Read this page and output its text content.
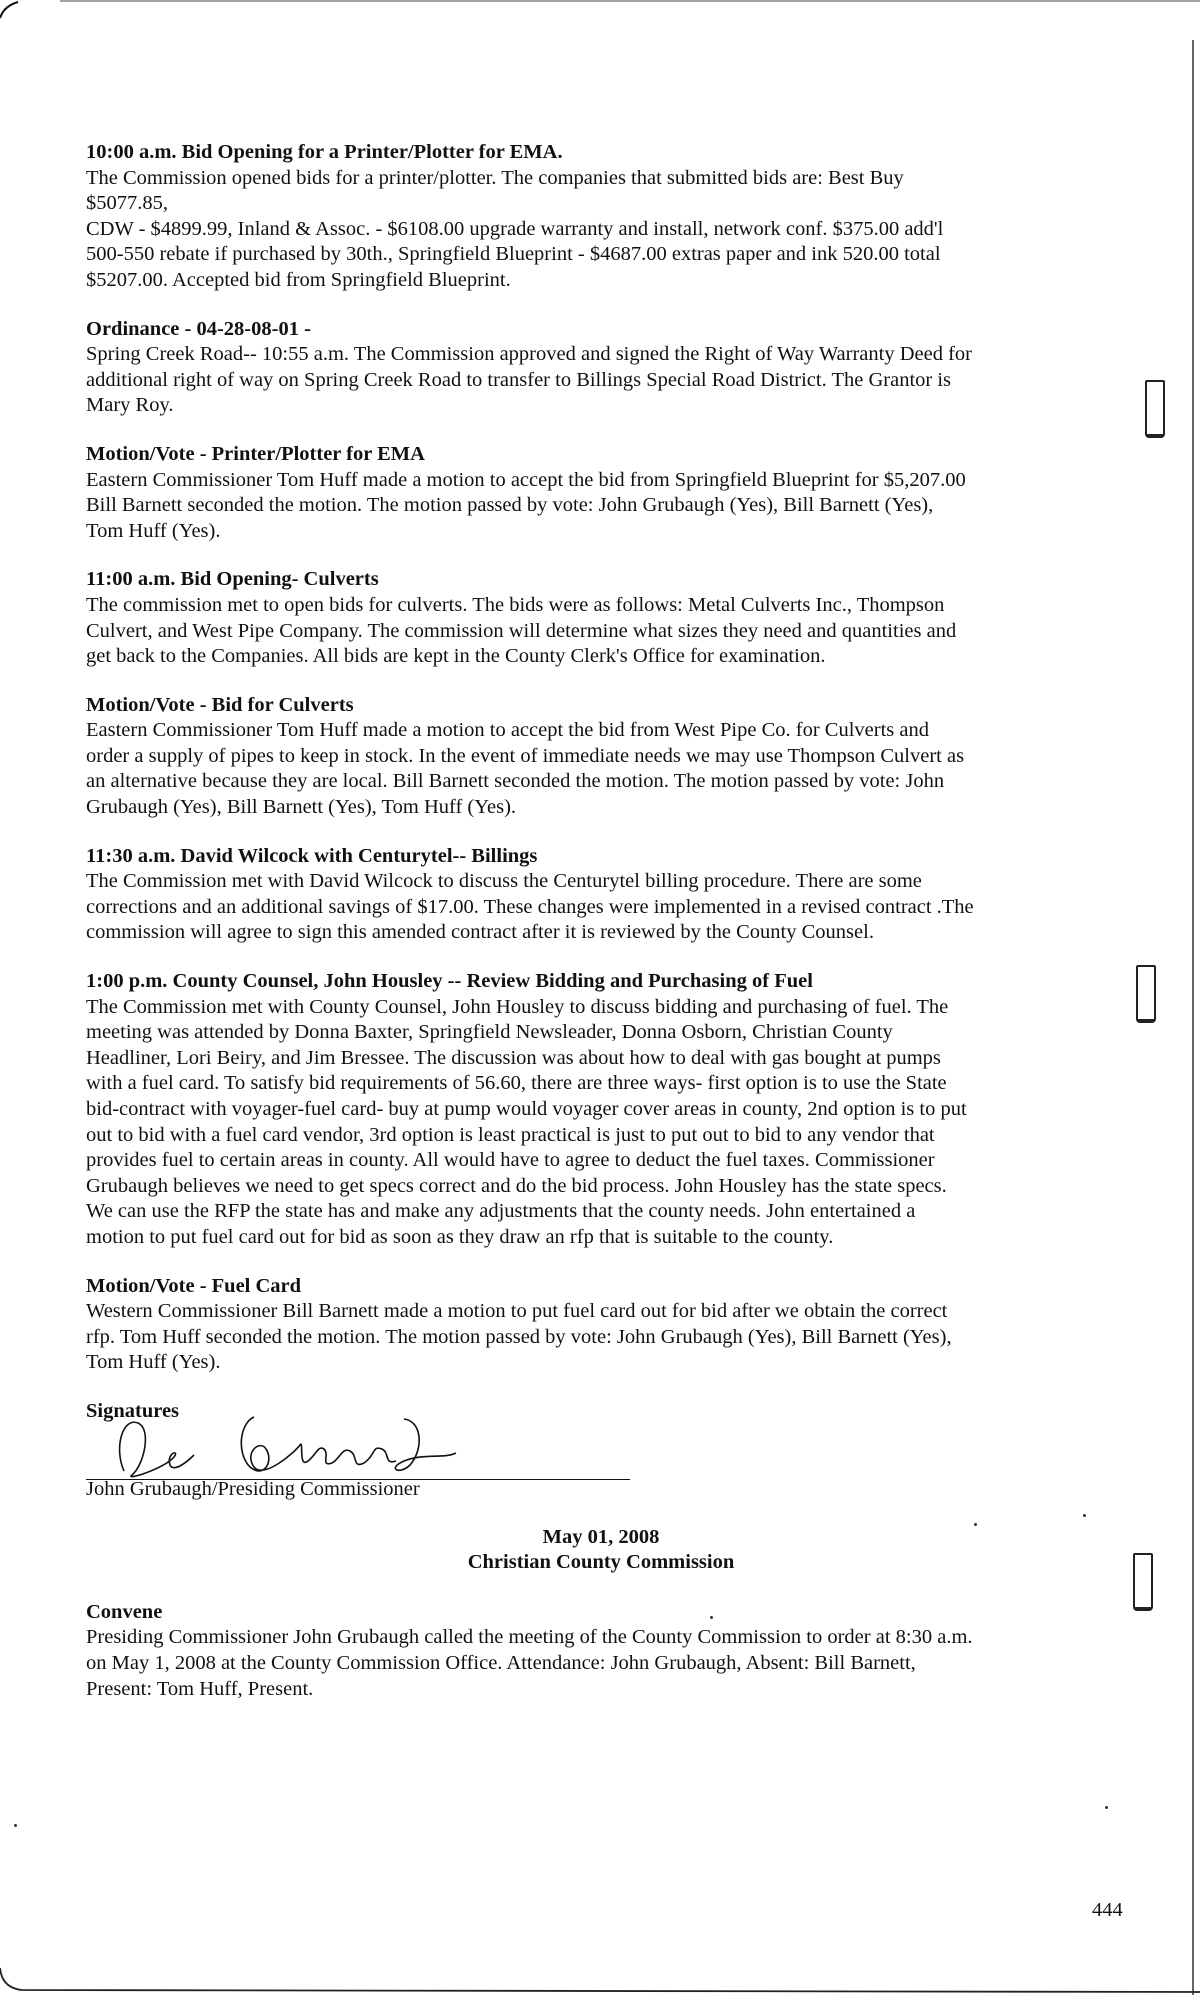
10:00 a.m. Bid Opening for a Printer/Plotter for EMA.
The Commission opened bids for a printer/plotter. The companies that submitted bids are: Best Buy
$5077.85,
CDW - $4899.99, Inland & Assoc. - $6108.00 upgrade warranty and install, network conf. $375.00 add'l
500-550 rebate if purchased by 30th., Springfield Blueprint - $4687.00 extras paper and ink 520.00 total
$5207.00. Accepted bid from Springfield Blueprint.
Ordinance - 04-28-08-01 -
Spring Creek Road-- 10:55 a.m. The Commission approved and signed the Right of Way Warranty Deed for
additional right of way on Spring Creek Road to transfer to Billings Special Road District. The Grantor is
Mary Roy.
Motion/Vote - Printer/Plotter for EMA
Eastern Commissioner Tom Huff made a motion to accept the bid from Springfield Blueprint for $5,207.00
Bill Barnett seconded the motion. The motion passed by vote: John Grubaugh (Yes), Bill Barnett (Yes),
Tom Huff (Yes).
11:00 a.m. Bid Opening- Culverts
The commission met to open bids for culverts. The bids were as follows: Metal Culverts Inc., Thompson
Culvert, and West Pipe Company. The commission will determine what sizes they need and quantities and
get back to the Companies. All bids are kept in the County Clerk's Office for examination.
Motion/Vote - Bid for Culverts
Eastern Commissioner Tom Huff made a motion to accept the bid from West Pipe Co. for Culverts and
order a supply of pipes to keep in stock. In the event of immediate needs we may use Thompson Culvert as
an alternative because they are local. Bill Barnett seconded the motion. The motion passed by vote: John
Grubaugh (Yes), Bill Barnett (Yes), Tom Huff (Yes).
11:30 a.m. David Wilcock with Centurytel-- Billings
The Commission met with David Wilcock to discuss the Centurytel billing procedure. There are some
corrections and an additional savings of $17.00. These changes were implemented in a revised contract .The
commission will agree to sign this amended contract after it is reviewed by the County Counsel.
1:00 p.m. County Counsel, John Housley -- Review Bidding and Purchasing of Fuel
The Commission met with County Counsel, John Housley to discuss bidding and purchasing of fuel. The
meeting was attended by Donna Baxter, Springfield Newsleader, Donna Osborn, Christian County
Headliner, Lori Beiry, and Jim Bressee. The discussion was about how to deal with gas bought at pumps
with a fuel card. To satisfy bid requirements of 56.60, there are three ways- first option is to use the State
bid-contract with voyager-fuel card- buy at pump would voyager cover areas in county, 2nd option is to put
out to bid with a fuel card vendor, 3rd option is least practical is just to put out to bid to any vendor that
provides fuel to certain areas in county. All would have to agree to deduct the fuel taxes. Commissioner
Grubaugh believes we need to get specs correct and do the bid process. John Housley has the state specs.
We can use the RFP the state has and make any adjustments that the county needs. John entertained a
motion to put fuel card out for bid as soon as they draw an rfp that is suitable to the county.
Motion/Vote - Fuel Card
Western Commissioner Bill Barnett made a motion to put fuel card out for bid after we obtain the correct
rfp. Tom Huff seconded the motion. The motion passed by vote: John Grubaugh (Yes), Bill Barnett (Yes),
Tom Huff (Yes).
Signatures
John Grubaugh/Presiding Commissioner
May 01, 2008
Christian County Commission
Convene
Presiding Commissioner John Grubaugh called the meeting of the County Commission to order at 8:30 a.m.
on May 1, 2008 at the County Commission Office. Attendance: John Grubaugh, Absent: Bill Barnett,
Present: Tom Huff, Present.
444
